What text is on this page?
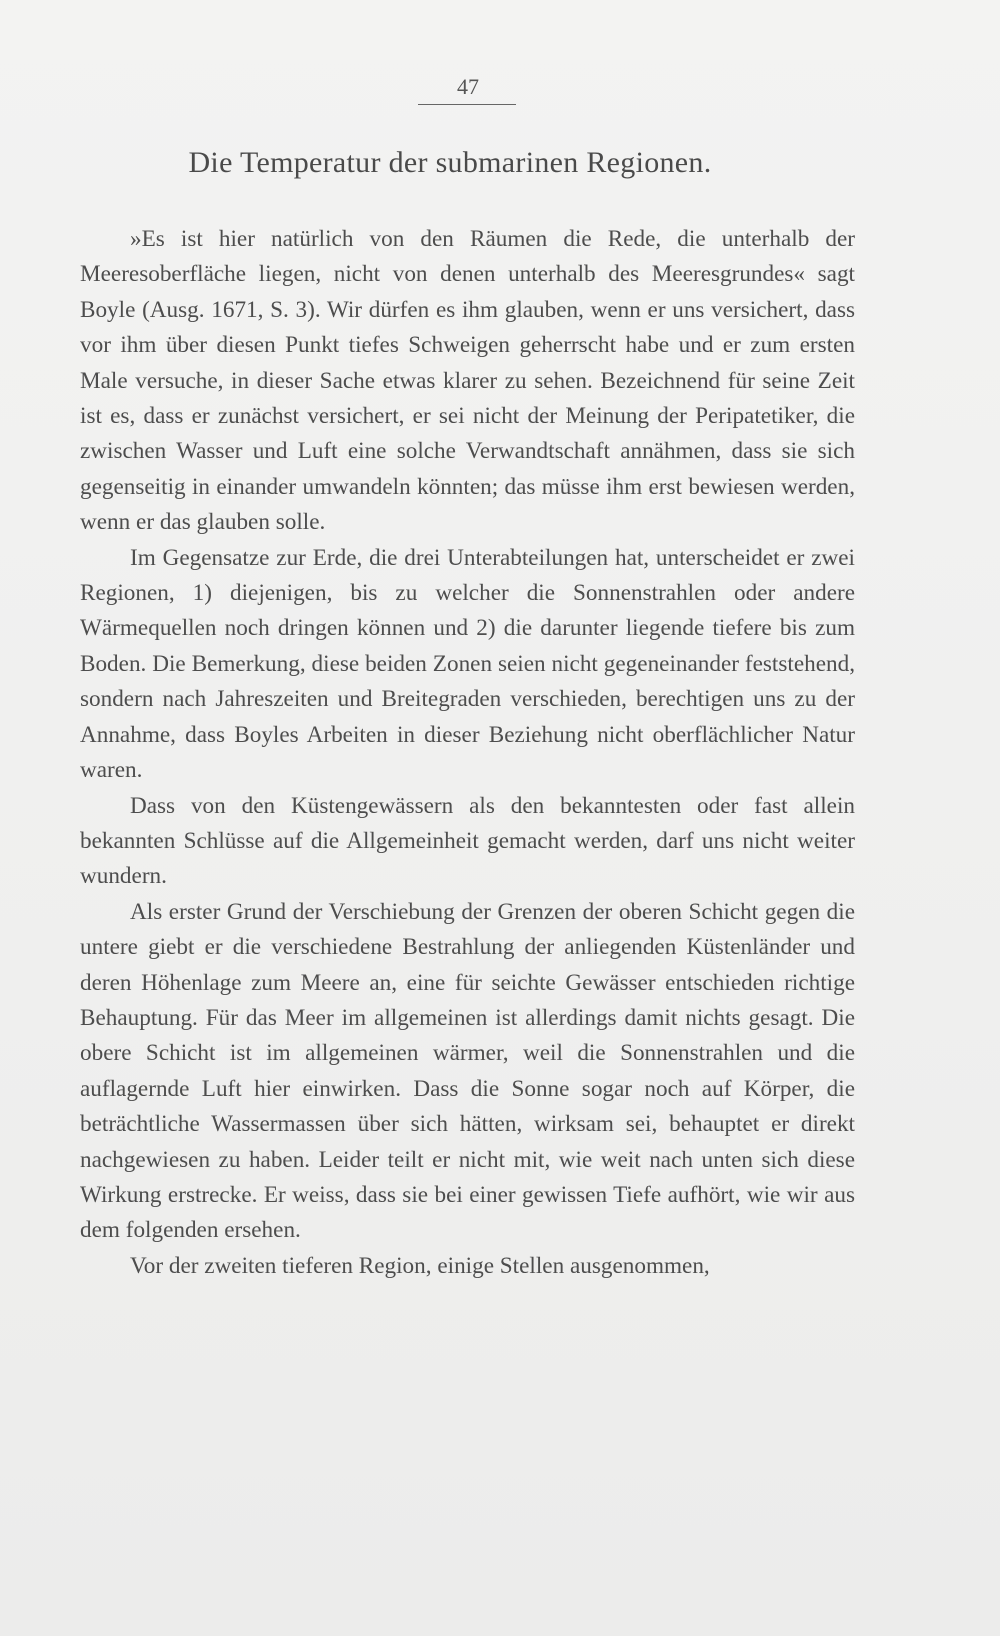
47
Die Temperatur der submarinen Regionen.

»Es ist hier natürlich von den Räumen die Rede, die unterhalb der Meeresoberfläche liegen, nicht von denen unterhalb des Meeresgrundes« sagt Boyle (Ausg. 1671, S. 3). Wir dürfen es ihm glauben, wenn er uns versichert, dass vor ihm über diesen Punkt tiefes Schweigen geherrscht habe und er zum ersten Male versuche, in dieser Sache etwas klarer zu sehen. Bezeichnend für seine Zeit ist es, dass er zunächst versichert, er sei nicht der Meinung der Peripatetiker, die zwischen Wasser und Luft eine solche Verwandtschaft annähmen, dass sie sich gegenseitig in einander umwandeln könnten; das müsse ihm erst bewiesen werden, wenn er das glauben solle.

Im Gegensatze zur Erde, die drei Unterabteilungen hat, unterscheidet er zwei Regionen, 1) diejenigen, bis zu welcher die Sonnenstrahlen oder andere Wärmequellen noch dringen können und 2) die darunter liegende tiefere bis zum Boden. Die Bemerkung, diese beiden Zonen seien nicht gegeneinander feststehend, sondern nach Jahreszeiten und Breitegraden verschieden, berechtigen uns zu der Annahme, dass Boyles Arbeiten in dieser Beziehung nicht oberflächlicher Natur waren.

Dass von den Küstengewässern als den bekanntesten oder fast allein bekannten Schlüsse auf die Allgemeinheit gemacht werden, darf uns nicht weiter wundern.

Als erster Grund der Verschiebung der Grenzen der oberen Schicht gegen die untere giebt er die verschiedene Bestrahlung der anliegenden Küstenländer und deren Höhenlage zum Meere an, eine für seichte Gewässer entschieden richtige Behauptung. Für das Meer im allgemeinen ist allerdings damit nichts gesagt. Die obere Schicht ist im allgemeinen wärmer, weil die Sonnenstrahlen und die auflagernde Luft hier einwirken. Dass die Sonne sogar noch auf Körper, die beträchtliche Wassermassen über sich hätten, wirksam sei, behauptet er direkt nachgewiesen zu haben. Leider teilt er nicht mit, wie weit nach unten sich diese Wirkung erstrecke. Er weiss, dass sie bei einer gewissen Tiefe aufhört, wie wir aus dem folgenden ersehen.

Vor der zweiten tieferen Region, einige Stellen ausgenommen,
